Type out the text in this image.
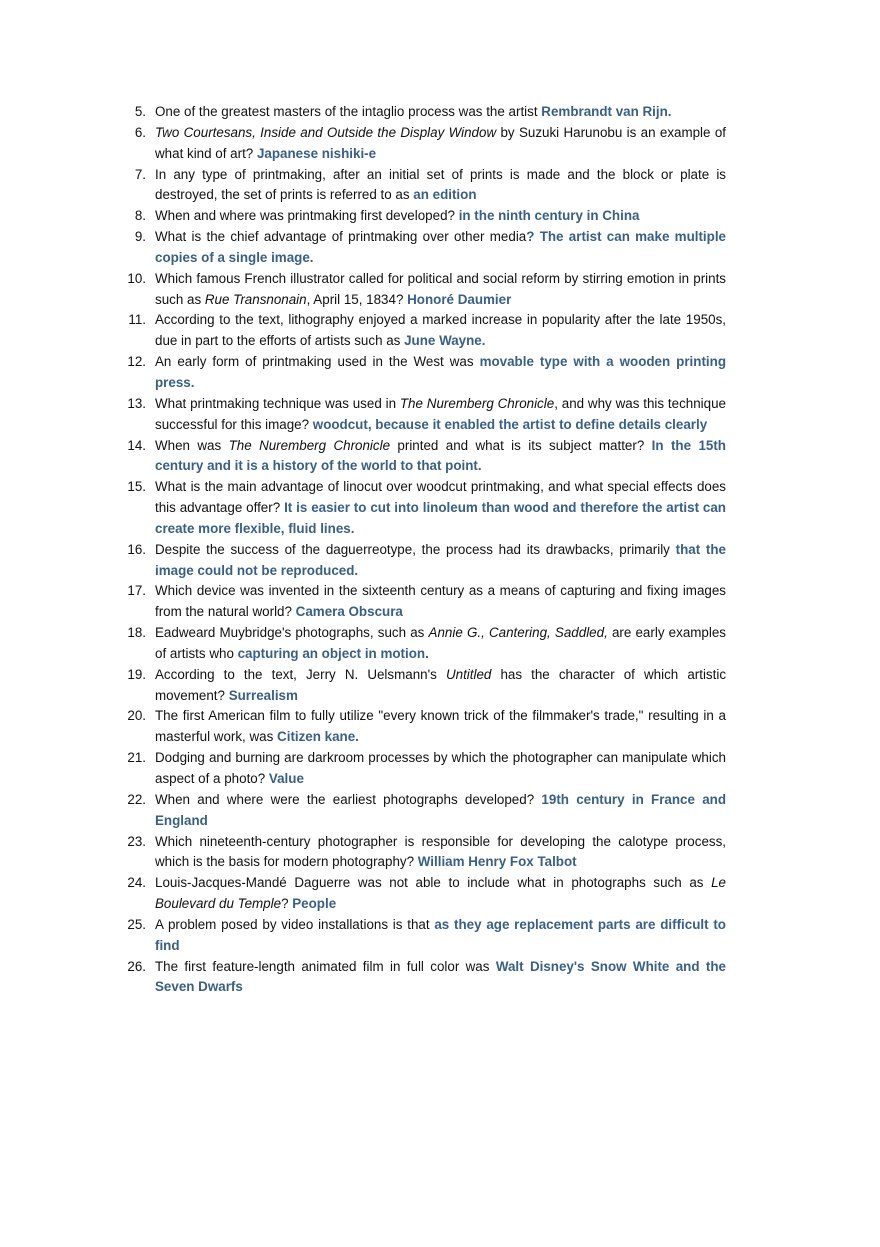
5. One of the greatest masters of the intaglio process was the artist Rembrandt van Rijn.
6. Two Courtesans, Inside and Outside the Display Window by Suzuki Harunobu is an example of what kind of art? Japanese nishiki-e
7. In any type of printmaking, after an initial set of prints is made and the block or plate is destroyed, the set of prints is referred to as an edition
8. When and where was printmaking first developed? in the ninth century in China
9. What is the chief advantage of printmaking over other media? The artist can make multiple copies of a single image.
10. Which famous French illustrator called for political and social reform by stirring emotion in prints such as Rue Transnonain, April 15, 1834? Honoré Daumier
11. According to the text, lithography enjoyed a marked increase in popularity after the late 1950s, due in part to the efforts of artists such as June Wayne.
12. An early form of printmaking used in the West was movable type with a wooden printing press.
13. What printmaking technique was used in The Nuremberg Chronicle, and why was this technique successful for this image? woodcut, because it enabled the artist to define details clearly
14. When was The Nuremberg Chronicle printed and what is its subject matter? In the 15th century and it is a history of the world to that point.
15. What is the main advantage of linocut over woodcut printmaking, and what special effects does this advantage offer? It is easier to cut into linoleum than wood and therefore the artist can create more flexible, fluid lines.
16. Despite the success of the daguerreotype, the process had its drawbacks, primarily that the image could not be reproduced.
17. Which device was invented in the sixteenth century as a means of capturing and fixing images from the natural world? Camera Obscura
18. Eadweard Muybridge's photographs, such as Annie G., Cantering, Saddled, are early examples of artists who capturing an object in motion.
19. According to the text, Jerry N. Uelsmann's Untitled has the character of which artistic movement? Surrealism
20. The first American film to fully utilize "every known trick of the filmmaker's trade," resulting in a masterful work, was Citizen kane.
21. Dodging and burning are darkroom processes by which the photographer can manipulate which aspect of a photo? Value
22. When and where were the earliest photographs developed? 19th century in France and England
23. Which nineteenth-century photographer is responsible for developing the calotype process, which is the basis for modern photography? William Henry Fox Talbot
24. Louis-Jacques-Mandé Daguerre was not able to include what in photographs such as Le Boulevard du Temple? People
25. A problem posed by video installations is that as they age replacement parts are difficult to find
26. The first feature-length animated film in full color was Walt Disney's Snow White and the Seven Dwarfs
